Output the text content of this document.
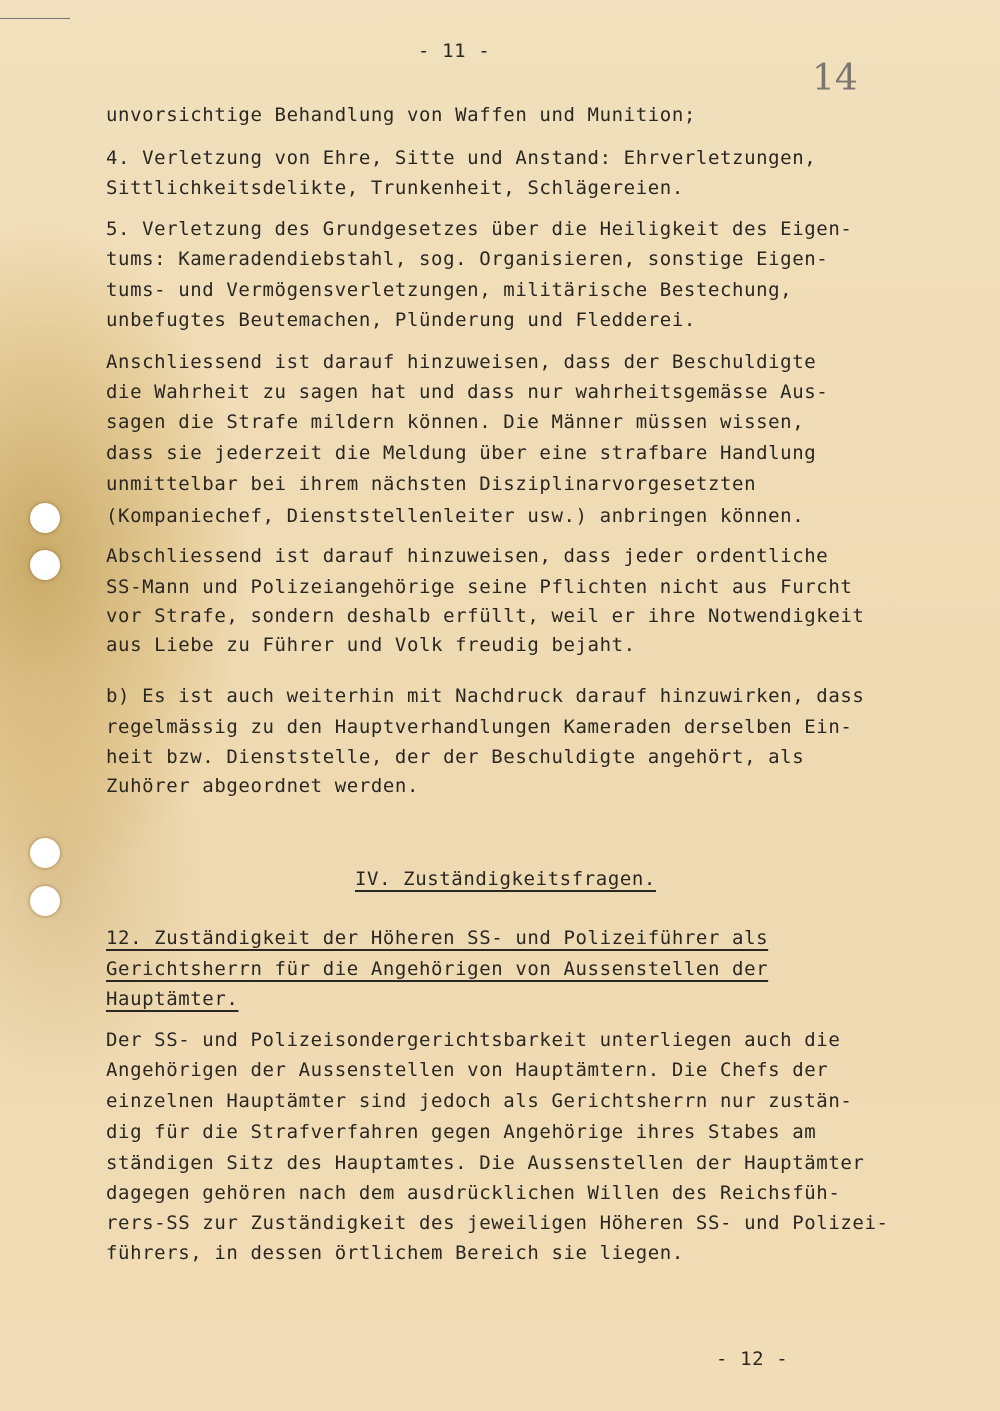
- 11 -
14
unvorsichtige Behandlung von Waffen und Munition;
4. Verletzung von Ehre, Sitte und Anstand: Ehrverletzungen,
Sittlichkeitsdelikte, Trunkenheit, Schlägereien.
5. Verletzung des Grundgesetzes über die Heiligkeit des Eigen-
tums: Kameradendiebstahl, sog. Organisieren, sonstige Eigen-
tums- und Vermögensverletzungen, militärische Bestechung,
unbefugtes Beutemachen, Plünderung und Fledderei.
Anschliessend ist darauf hinzuweisen, dass der Beschuldigte
die Wahrheit zu sagen hat und dass nur wahrheitsgemässe Aus-
sagen die Strafe mildern können. Die Männer müssen wissen,
dass sie jederzeit die Meldung über eine strafbare Handlung
unmittelbar bei ihrem nächsten Disziplinarvorgesetzten
(Kompaniechef, Dienststellenleiter usw.) anbringen können.
Abschliessend ist darauf hinzuweisen, dass jeder ordentliche
SS-Mann und Polizeiangehörige seine Pflichten nicht aus Furcht
vor Strafe, sondern deshalb erfüllt, weil er ihre Notwendigkeit
aus Liebe zu Führer und Volk freudig bejaht.
b) Es ist auch weiterhin mit Nachdruck darauf hinzuwirken, dass
regelmässig zu den Hauptverhandlungen Kameraden derselben Ein-
heit bzw. Dienststelle, der der Beschuldigte angehört, als
Zuhörer abgeordnet werden.
IV. Zuständigkeitsfragen.
12. Zuständigkeit der Höheren SS- und Polizeiführer als
Gerichtsherrn für die Angehörigen von Aussenstellen der
Hauptämter.
Der SS- und Polizeisondergerichtsbarkeit unterliegen auch die
Angehörigen der Aussenstellen von Hauptämtern. Die Chefs der
einzelnen Hauptämter sind jedoch als Gerichtsherrn nur zustän-
dig für die Strafverfahren gegen Angehörige ihres Stabes am
ständigen Sitz des Hauptamtes. Die Aussenstellen der Hauptämter
dagegen gehören nach dem ausdrücklichen Willen des Reichsfüh-
rers-SS zur Zuständigkeit des jeweiligen Höheren SS- und Polizei-
führers, in dessen örtlichem Bereich sie liegen.
- 12 -
